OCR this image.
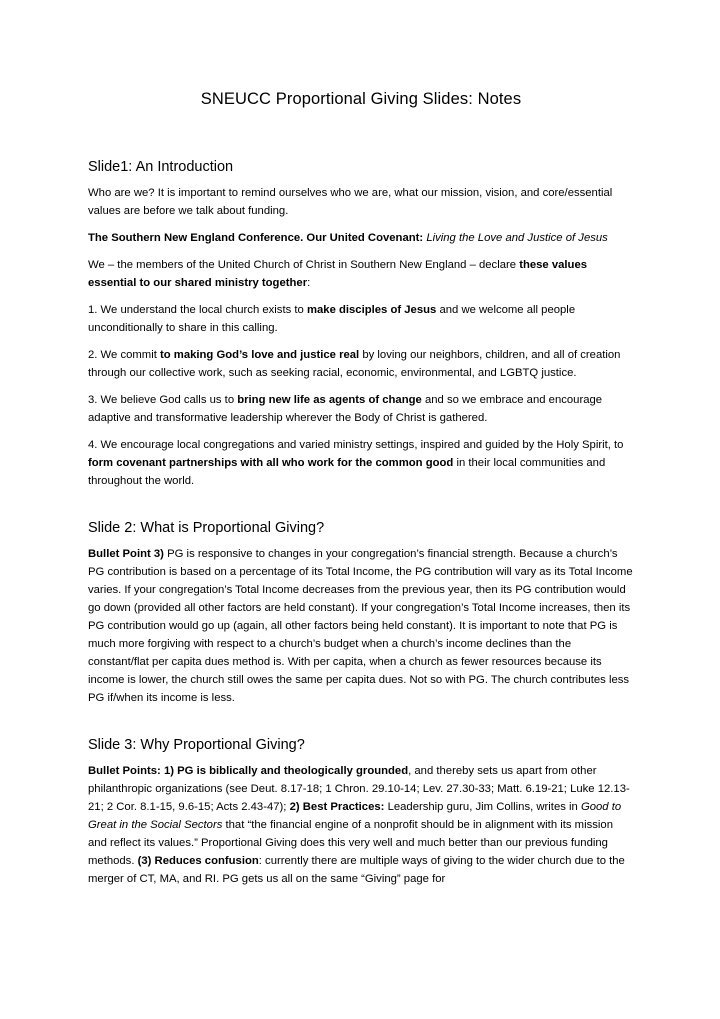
SNEUCC Proportional Giving Slides: Notes
Slide1: An Introduction

Who are we? It is important to remind ourselves who we are, what our mission, vision, and core/essential values are before we talk about funding.

The Southern New England Conference. Our United Covenant: Living the Love and Justice of Jesus

We – the members of the United Church of Christ in Southern New England – declare these values essential to our shared ministry together:

1. We understand the local church exists to make disciples of Jesus and we welcome all people unconditionally to share in this calling.

2. We commit to making God’s love and justice real by loving our neighbors, children, and all of creation through our collective work, such as seeking racial, economic, environmental, and LGBTQ justice.

3. We believe God calls us to bring new life as agents of change and so we embrace and encourage adaptive and transformative leadership wherever the Body of Christ is gathered.

4. We encourage local congregations and varied ministry settings, inspired and guided by the Holy Spirit, to form covenant partnerships with all who work for the common good in their local communities and throughout the world.

Slide 2: What is Proportional Giving?

Bullet Point 3) PG is responsive to changes in your congregation’s financial strength. Because a church’s PG contribution is based on a percentage of its Total Income, the PG contribution will vary as its Total Income varies. If your congregation’s Total Income decreases from the previous year, then its PG contribution would go down (provided all other factors are held constant). If your congregation’s Total Income increases, then its PG contribution would go up (again, all other factors being held constant). It is important to note that PG is much more forgiving with respect to a church’s budget when a church’s income declines than the constant/flat per capita dues method is. With per capita, when a church as fewer resources because its income is lower, the church still owes the same per capita dues. Not so with PG. The church contributes less PG if/when its income is less.

Slide 3: Why Proportional Giving?

Bullet Points: 1) PG is biblically and theologically grounded, and thereby sets us apart from other philanthropic organizations (see Deut. 8.17-18; 1 Chron. 29.10-14; Lev. 27.30-33; Matt. 6.19-21; Luke 12.13-21; 2 Cor. 8.1-15, 9.6-15; Acts 2.43-47); 2) Best Practices: Leadership guru, Jim Collins, writes in Good to Great in the Social Sectors that “the financial engine of a nonprofit should be in alignment with its mission and reflect its values.” Proportional Giving does this very well and much better than our previous funding methods. (3) Reduces confusion: currently there are multiple ways of giving to the wider church due to the merger of CT, MA, and RI. PG gets us all on the same “Giving” page for
